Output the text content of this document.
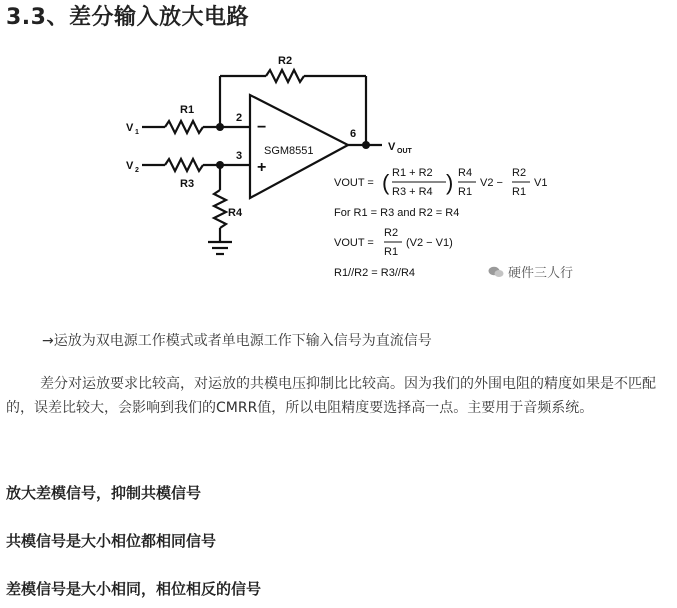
3.3、差分输入放大电路
R1
R2
R3
R4
V 1
V 2
2
3
6
−
+
SGM8551	V OUT
VOUT = ( R1 + R2
R3 + R4 ) R4
R1
V2 −
R2
R1
V1
For R1 = R3 and R2 = R4
VOUT =
R2
R1
(V2 − V1)
R1//R2 = R3//R4	硬件三人行
→运放为双电源工作模式或者单电源工作下输入信号为直流信号
差分对运放要求比较高，对运放的共模电压抑制比比较高。因为我们的外围电阻的精度如果是不匹配的，误差比较大，会影响到我们的CMRR值，所以电阻精度要选择高一点。主要用于音频系统。
放大差模信号，抑制共模信号
共模信号是大小相位都相同信号
差模信号是大小相同，相位相反的信号
